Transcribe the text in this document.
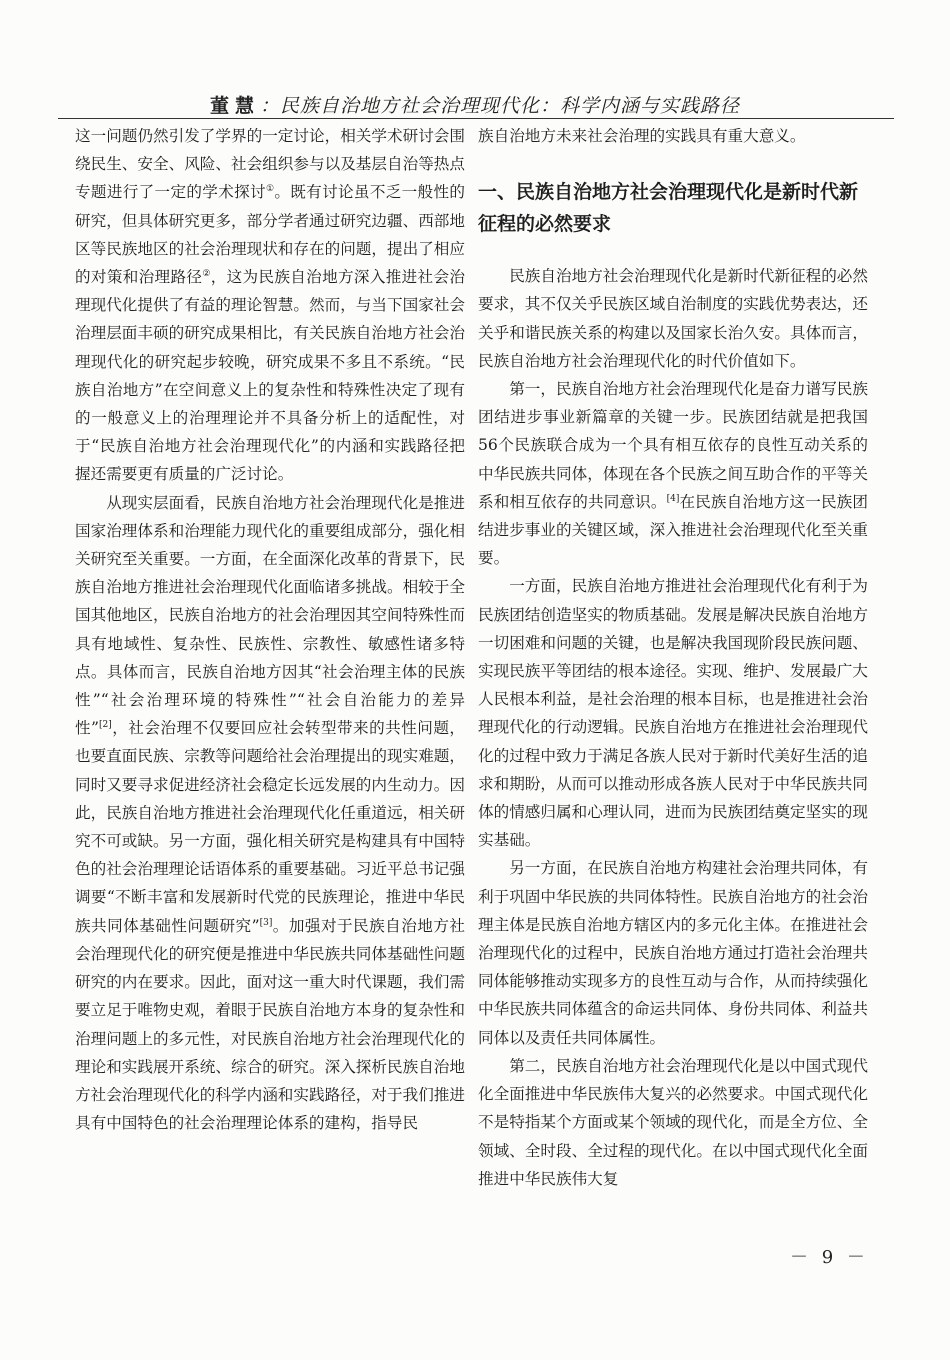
董慧：民族自治地方社会治理现代化：科学内涵与实践路径

这一问题仍然引发了学界的一定讨论，相关学术研讨会围绕民生、安全、风险、社会组织参与以及基层自治等热点专题进行了一定的学术探讨①。既有讨论虽不乏一般性的研究，但具体研究更多，部分学者通过研究边疆、西部地区等民族地区的社会治理现状和存在的问题，提出了相应的对策和治理路径②，这为民族自治地方深入推进社会治理现代化提供了有益的理论智慧。然而，与当下国家社会治理层面丰硕的研究成果相比，有关民族自治地方社会治理现代化的研究起步较晚，研究成果不多且不系统。“民族自治地方”在空间意义上的复杂性和特殊性决定了现有的一般意义上的治理理论并不具备分析上的适配性，对于“民族自治地方社会治理现代化”的内涵和实践路径把握还需要更有质量的广泛讨论。

从现实层面看，民族自治地方社会治理现代化是推进国家治理体系和治理能力现代化的重要组成部分，强化相关研究至关重要。一方面，在全面深化改革的背景下，民族自治地方推进社会治理现代化面临诸多挑战。相较于全国其他地区，民族自治地方的社会治理因其空间特殊性而具有地域性、复杂性、民族性、宗教性、敏感性诸多特点。具体而言，民族自治地方因其“社会治理主体的民族性”“社会治理环境的特殊性”“社会自治能力的差异性”[2]，社会治理不仅要回应社会转型带来的共性问题，也要直面民族、宗教等问题给社会治理提出的现实难题，同时又要寻求促进经济社会稳定长远发展的内生动力。因此，民族自治地方推进社会治理现代化任重道远，相关研究不可或缺。另一方面，强化相关研究是构建具有中国特色的社会治理理论话语体系的重要基础。习近平总书记强调要“不断丰富和发展新时代党的民族理论，推进中华民族共同体基础性问题研究”[3]。加强对于民族自治地方社会治理现代化的研究便是推进中华民族共同体基础性问题研究的内在要求。因此，面对这一重大时代课题，我们需要立足于唯物史观，着眼于民族自治地方本身的复杂性和治理问题上的多元性，对民族自治地方社会治理现代化的理论和实践展开系统、综合的研究。深入探析民族自治地方社会治理现代化的科学内涵和实践路径，对于我们推进具有中国特色的社会治理理论体系的建构，指导民

族自治地方未来社会治理的实践具有重大意义。

一、民族自治地方社会治理现代化是新时代新征程的必然要求

民族自治地方社会治理现代化是新时代新征程的必然要求，其不仅关乎民族区域自治制度的实践优势表达，还关乎和谐民族关系的构建以及国家长治久安。具体而言，民族自治地方社会治理现代化的时代价值如下。

第一，民族自治地方社会治理现代化是奋力谱写民族团结进步事业新篇章的关键一步。民族团结就是把我国56个民族联合成为一个具有相互依存的良性互动关系的中华民族共同体，体现在各个民族之间互助合作的平等关系和相互依存的共同意识。[4]在民族自治地方这一民族团结进步事业的关键区域，深入推进社会治理现代化至关重要。

一方面，民族自治地方推进社会治理现代化有利于为民族团结创造坚实的物质基础。发展是解决民族自治地方一切困难和问题的关键，也是解决我国现阶段民族问题、实现民族平等团结的根本途径。实现、维护、发展最广大人民根本利益，是社会治理的根本目标，也是推进社会治理现代化的行动逻辑。民族自治地方在推进社会治理现代化的过程中致力于满足各族人民对于新时代美好生活的追求和期盼，从而可以推动形成各族人民对于中华民族共同体的情感归属和心理认同，进而为民族团结奠定坚实的现实基础。

另一方面，在民族自治地方构建社会治理共同体，有利于巩固中华民族的共同体特性。民族自治地方的社会治理主体是民族自治地方辖区内的多元化主体。在推进社会治理现代化的过程中，民族自治地方通过打造社会治理共同体能够推动实现多方的良性互动与合作，从而持续强化中华民族共同体蕴含的命运共同体、身份共同体、利益共同体以及责任共同体属性。

第二，民族自治地方社会治理现代化是以中国式现代化全面推进中华民族伟大复兴的必然要求。中国式现代化不是特指某个方面或某个领域的现代化，而是全方位、全领域、全时段、全过程的现代化。在以中国式现代化全面推进中华民族伟大复

－ 9 －
